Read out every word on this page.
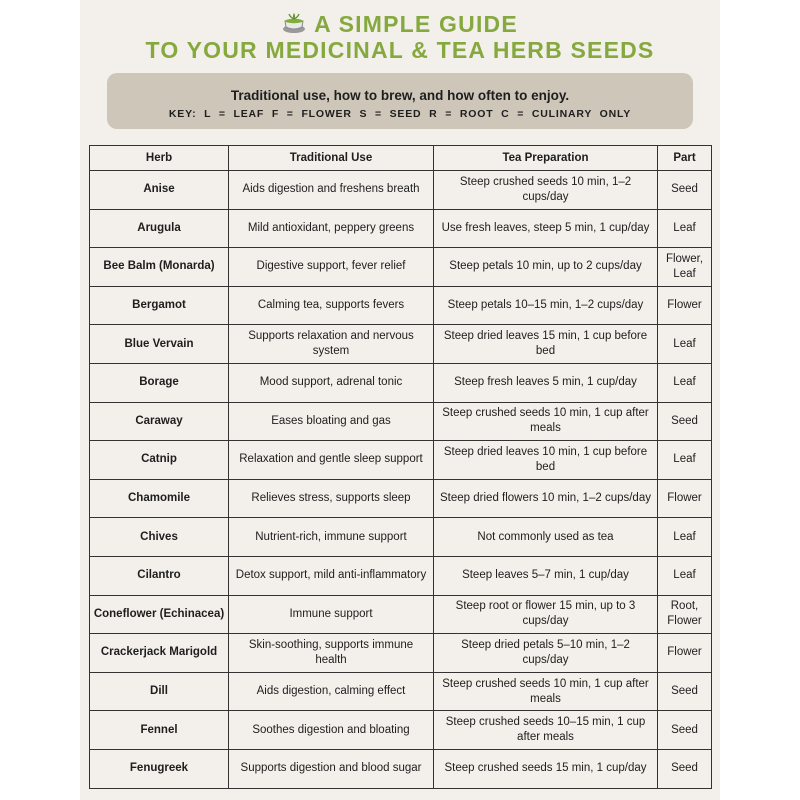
A SIMPLE GUIDE
TO YOUR MEDICINAL & TEA HERB SEEDS
Traditional use, how to brew, and how often to enjoy.
KEY: L = LEAF F = FLOWER S = SEED R = ROOT C = CULINARY ONLY
Herb	Traditional Use	Tea Preparation	Part
Anise	Aids digestion and freshens breath	Steep crushed seeds 10 min, 1–2 cups/day	Seed
Arugula	Mild antioxidant, peppery greens	Use fresh leaves, steep 5 min, 1 cup/day	Leaf
Bee Balm (Monarda)	Digestive support, fever relief	Steep petals 10 min, up to 2 cups/day	Flower, Leaf
Bergamot	Calming tea, supports fevers	Steep petals 10–15 min, 1–2 cups/day	Flower
Blue Vervain	Supports relaxation and nervous system	Steep dried leaves 15 min, 1 cup before bed	Leaf
Borage	Mood support, adrenal tonic	Steep fresh leaves 5 min, 1 cup/day	Leaf
Caraway	Eases bloating and gas	Steep crushed seeds 10 min, 1 cup after meals	Seed
Catnip	Relaxation and gentle sleep support	Steep dried leaves 10 min, 1 cup before bed	Leaf
Chamomile	Relieves stress, supports sleep	Steep dried flowers 10 min, 1–2 cups/day	Flower
Chives	Nutrient-rich, immune support	Not commonly used as tea	Leaf
Cilantro	Detox support, mild anti-inflammatory	Steep leaves 5–7 min, 1 cup/day	Leaf
Coneflower (Echinacea)	Immune support	Steep root or flower 15 min, up to 3 cups/day	Root, Flower
Crackerjack Marigold	Skin-soothing, supports immune health	Steep dried petals 5–10 min, 1–2 cups/day	Flower
Dill	Aids digestion, calming effect	Steep crushed seeds 10 min, 1 cup after meals	Seed
Fennel	Soothes digestion and bloating	Steep crushed seeds 10–15 min, 1 cup after meals	Seed
Fenugreek	Supports digestion and blood sugar	Steep crushed seeds 15 min, 1 cup/day	Seed
